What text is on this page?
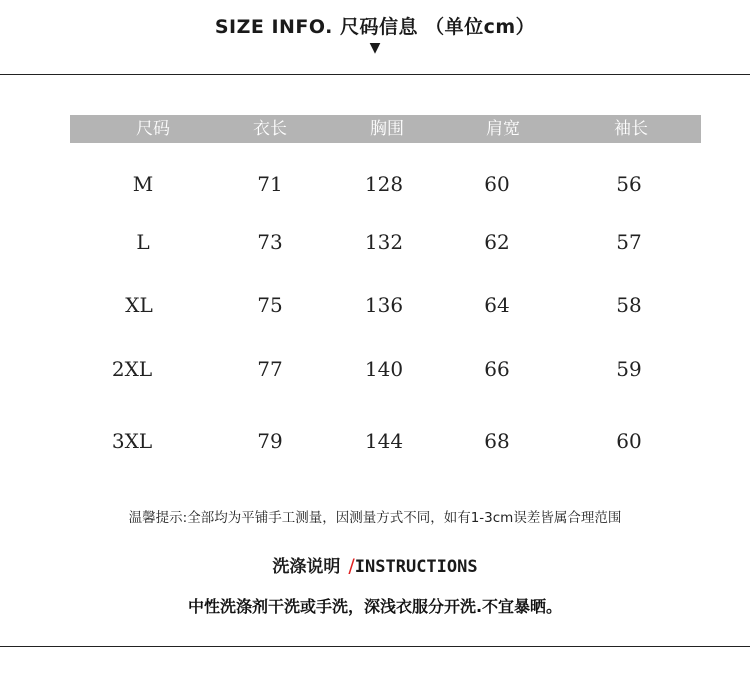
SIZE INFO. 尺码信息 （单位cm）
▼
尺码	衣长	胸围	肩宽	袖长
M	71	128	60	56
L	73	132	62	57
XL	75	136	64	58
2XL	77	140	66	59
3XL	79	144	68	60
温馨提示:全部均为平铺手工测量，因测量方式不同，如有1-3cm误差皆属合理范围
洗涤说明 /INSTRUCTIONS
中性洗涤剂干洗或手洗，深浅衣服分开洗.不宜暴晒。
